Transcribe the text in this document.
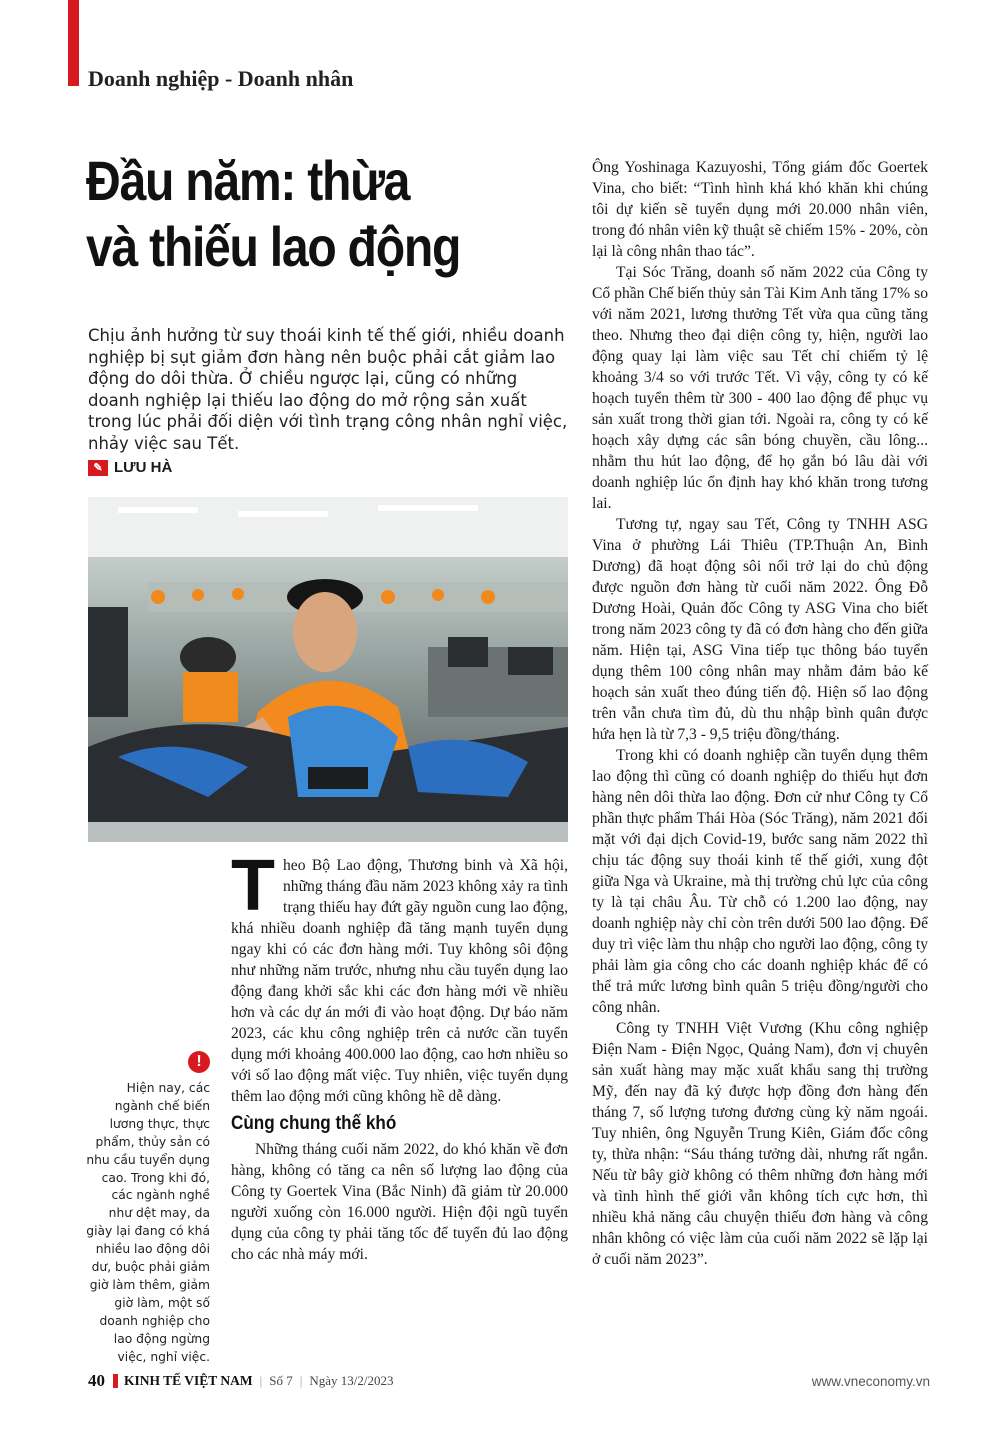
Doanh nghiệp - Doanh nhân
Đầu năm: thừa
và thiếu lao động
Chịu ảnh hưởng từ suy thoái kinh tế thế giới, nhiều doanh nghiệp bị sụt giảm đơn hàng nên buộc phải cắt giảm lao động do dôi thừa. Ở chiều ngược lại, cũng có những doanh nghiệp lại thiếu lao động do mở rộng sản xuất trong lúc phải đối diện với tình trạng công nhân nghỉ việc, nhảy việc sau Tết.
✎ LƯU HÀ

Theo Bộ Lao động, Thương binh và Xã hội, những tháng đầu năm 2023 không xảy ra tình trạng thiếu hay đứt gãy nguồn cung lao động, khá nhiều doanh nghiệp đã tăng mạnh tuyển dụng ngay khi có các đơn hàng mới. Tuy không sôi động như những năm trước, nhưng nhu cầu tuyển dụng lao động đang khởi sắc khi các đơn hàng mới về nhiều hơn và các dự án mới đi vào hoạt động. Dự báo năm 2023, các khu công nghiệp trên cả nước cần tuyển dụng mới khoảng 400.000 lao động, cao hơn nhiều so với số lao động mất việc. Tuy nhiên, việc tuyển dụng thêm lao động mới cũng không hề dễ dàng.

Cùng chung thế khó

Những tháng cuối năm 2022, do khó khăn về đơn hàng, không có tăng ca nên số lượng lao động của Công ty Goertek Vina (Bắc Ninh) đã giảm từ 20.000 người xuống còn 16.000 người. Hiện đội ngũ tuyển dụng của công ty phải tăng tốc để tuyển đủ lao động cho các nhà máy mới.

!
Hiện nay, các ngành chế biến lương thực, thực phẩm, thủy sản có nhu cầu tuyển dụng cao. Trong khi đó, các ngành nghề như dệt may, da giày lại đang có khá nhiều lao động dôi dư, buộc phải giảm giờ làm thêm, giảm giờ làm, một số doanh nghiệp cho lao động ngừng việc, nghỉ việc.

Ông Yoshinaga Kazuyoshi, Tổng giám đốc Goertek Vina, cho biết: “Tình hình khá khó khăn khi chúng tôi dự kiến sẽ tuyển dụng mới 20.000 nhân viên, trong đó nhân viên kỹ thuật sẽ chiếm 15% - 20%, còn lại là công nhân thao tác”.

Tại Sóc Trăng, doanh số năm 2022 của Công ty Cổ phần Chế biến thủy sản Tài Kim Anh tăng 17% so với năm 2021, lương thưởng Tết vừa qua cũng tăng theo. Nhưng theo đại diện công ty, hiện, người lao động quay lại làm việc sau Tết chỉ chiếm tỷ lệ khoảng 3/4 so với trước Tết. Vì vậy, công ty có kế hoạch tuyển thêm từ 300 - 400 lao động để phục vụ sản xuất trong thời gian tới. Ngoài ra, công ty có kế hoạch xây dựng các sân bóng chuyền, cầu lông... nhằm thu hút lao động, để họ gắn bó lâu dài với doanh nghiệp lúc ổn định hay khó khăn trong tương lai.

Tương tự, ngay sau Tết, Công ty TNHH ASG Vina ở phường Lái Thiêu (TP.Thuận An, Bình Dương) đã hoạt động sôi nổi trở lại do chủ động được nguồn đơn hàng từ cuối năm 2022. Ông Đỗ Dương Hoài, Quản đốc Công ty ASG Vina cho biết trong năm 2023 công ty đã có đơn hàng cho đến giữa năm. Hiện tại, ASG Vina tiếp tục thông báo tuyển dụng thêm 100 công nhân may nhằm đảm bảo kế hoạch sản xuất theo đúng tiến độ. Hiện số lao động trên vẫn chưa tìm đủ, dù thu nhập bình quân được hứa hẹn là từ 7,3 - 9,5 triệu đồng/tháng.

Trong khi có doanh nghiệp cần tuyển dụng thêm lao động thì cũng có doanh nghiệp do thiếu hụt đơn hàng nên dôi thừa lao động. Đơn cử như Công ty Cổ phần thực phẩm Thái Hòa (Sóc Trăng), năm 2021 đối mặt với đại dịch Covid-19, bước sang năm 2022 thì chịu tác động suy thoái kinh tế thế giới, xung đột giữa Nga và Ukraine, mà thị trường chủ lực của công ty là tại châu Âu. Từ chỗ có 1.200 lao động, nay doanh nghiệp này chỉ còn trên dưới 500 lao động. Để duy trì việc làm thu nhập cho người lao động, công ty phải làm gia công cho các doanh nghiệp khác để có thể trả mức lương bình quân 5 triệu đồng/người cho công nhân.

Công ty TNHH Việt Vương (Khu công nghiệp Điện Nam - Điện Ngọc, Quảng Nam), đơn vị chuyên sản xuất hàng may mặc xuất khẩu sang thị trường Mỹ, đến nay đã ký được hợp đồng đơn hàng đến tháng 7, số lượng tương đương cùng kỳ năm ngoái. Tuy nhiên, ông Nguyễn Trung Kiên, Giám đốc công ty, thừa nhận: “Sáu tháng tưởng dài, nhưng rất ngắn. Nếu từ bây giờ không có thêm những đơn hàng mới và tình hình thế giới vẫn không tích cực hơn, thì nhiều khả năng câu chuyện thiếu đơn hàng và công nhân không có việc làm của cuối năm 2022 sẽ lặp lại ở cuối năm 2023”.

40 KINH TẾ VIỆT NAM | Số 7 | Ngày 13/2/2023	www.vneconomy.vn
